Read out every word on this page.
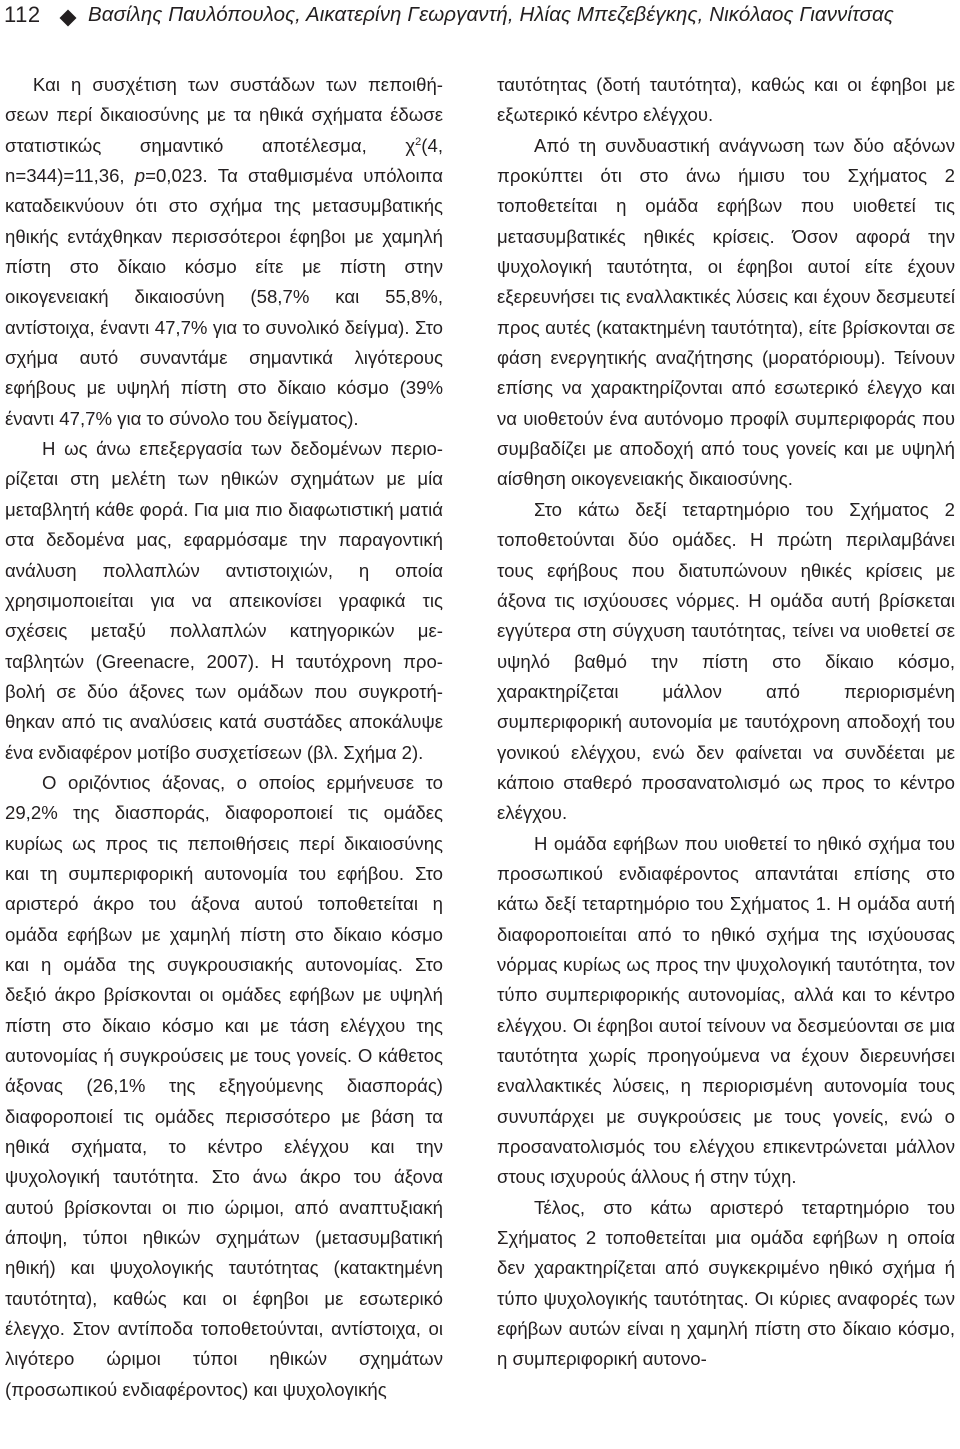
112 Βασίλης Παυλόπουλος, Αικατερίνη Γεωργαντή, Ηλίας Μπεζεβέγκης, Νικόλαος Γιαννίτσας

   Και η συσχέτιση των συστάδων των πεποιθήσεων περί δικαιοσύνης με τα ηθικά σχήματα έδωσε στατιστικώς σημαντικό αποτέλεσμα, $\chi^2(4$, n=344)=11,36, p=0,023. Τα σταθμισμένα υπόλοιπα καταδεικνύουν ότι στο σχήμα της μετασυμβατικής ηθικής εντάχθηκαν περισσότεροι έφηβοι με χαμηλή πίστη στο δίκαιο κόσμο είτε με πίστη στην οικογενειακή δικαιοσύνη (58,7% και 55,8%, αντίστοιχα, έναντι 47,7% για το συνολικό δείγμα). Στο σχήμα αυτό συναντάμε σημαντικά λιγότερους εφήβους με υψηλή πίστη στο δίκαιο κόσμο (39% έναντι 47,7% για το σύνολο του δείγματος).

Η ως άνω επεξεργασία των δεδομένων περιορίζεται στη μελέτη των ηθικών σχημάτων με μία μεταβλητή κάθε φορά. Για μια πιο διαφωτιστική ματιά στα δεδομένα μας, εφαρμόσαμε την παραγοντική ανάλυση πολλαπλών αντιστοιχιών, η οποία χρησιμοποιείται για να απεικονίσει γραφικά τις σχέσεις μεταξύ πολλαπλών κατηγορικών μεταβλητών (Greenacre, 2007). Η ταυτόχρονη προβολή σε δύο άξονες των ομάδων που συγκροτήθηκαν από τις αναλύσεις κατά συστάδες αποκάλυψε ένα ενδιαφέρον μοτίβο συσχετίσεων (βλ. Σχήμα 2).

Ο οριζόντιος άξονας, ο οποίος ερμήνευσε το 29,2% της διασποράς, διαφοροποιεί τις ομάδες κυρίως ως προς τις πεποιθήσεις περί δικαιοσύνης και τη συμπεριφορική αυτονομία του εφήβου. Στο αριστερό άκρο του άξονα αυτού τοποθετείται η ομάδα εφήβων με χαμηλή πίστη στο δίκαιο κόσμο και η ομάδα της συγκρουσιακής αυτονομίας. Στο δεξιό άκρο βρίσκονται οι ομάδες εφήβων με υψηλή πίστη στο δίκαιο κόσμο και με τάση ελέγχου της αυτονομίας ή συγκρούσεις με τους γονείς. Ο κάθετος άξονας (26,1% της εξηγούμενης διασποράς) διαφοροποιεί τις ομάδες περισσότερο με βάση τα ηθικά σχήματα, το κέντρο ελέγχου και την ψυχολογική ταυτότητα. Στο άνω άκρο του άξονα αυτού βρίσκονται οι πιο ώριμοι, από αναπτυξιακή άποψη, τύποι ηθικών σχημάτων (μετασυμβατική ηθική) και ψυχολογικής ταυτότητας (κατακτημένη ταυτότητα), καθώς και οι έφηβοι με εσωτερικό έλεγχο. Στον αντίποδα τοποθετούνται, αντίστοιχα, οι λιγότερο ώριμοι τύποι ηθικών σχημάτων (προσωπικού ενδιαφέροντος) και ψυχολογικής

ταυτότητας (δοτή ταυτότητα), καθώς και οι έφηβοι με εξωτερικό κέντρο ελέγχου.

Από τη συνδυαστική ανάγνωση των δύο αξόνων προκύπτει ότι στο άνω ήμισυ του Σχήματος 2 τοποθετείται η ομάδα εφήβων που υιοθετεί τις μετασυμβατικές ηθικές κρίσεις. Όσον αφορά την ψυχολογική ταυτότητα, οι έφηβοι αυτοί είτε έχουν εξερευνήσει τις εναλλακτικές λύσεις και έχουν δεσμευτεί προς αυτές (κατακτημένη ταυτότητα), είτε βρίσκονται σε φάση ενεργητικής αναζήτησης (μορατόριουμ). Τείνουν επίσης να χαρακτηρίζονται από εσωτερικό έλεγχο και να υιοθετούν ένα αυτόνομο προφίλ συμπεριφοράς που συμβαδίζει με αποδοχή από τους γονείς και με υψηλή αίσθηση οικογενειακής δικαιοσύνης.

Στο κάτω δεξί τεταρτημόριο του Σχήματος 2 τοποθετούνται δύο ομάδες. Η πρώτη περιλαμβάνει τους εφήβους που διατυπώνουν ηθικές κρίσεις με άξονα τις ισχύουσες νόρμες. Η ομάδα αυτή βρίσκεται εγγύτερα στη σύγχυση ταυτότητας, τείνει να υιοθετεί σε υψηλό βαθμό την πίστη στο δίκαιο κόσμο, χαρακτηρίζεται μάλλον από περιορισμένη συμπεριφορική αυτονομία με ταυτόχρονη αποδοχή του γονικού ελέγχου, ενώ δεν φαίνεται να συνδέεται με κάποιο σταθερό προσανατολισμό ως προς το κέντρο ελέγχου.

Η ομάδα εφήβων που υιοθετεί το ηθικό σχήμα του προσωπικού ενδιαφέροντος απαντάται επίσης στο κάτω δεξί τεταρτημόριο του Σχήματος 1. Η ομάδα αυτή διαφοροποιείται από το ηθικό σχήμα της ισχύουσας νόρμας κυρίως ως προς την ψυχολογική ταυτότητα, τον τύπο συμπεριφορικής αυτονομίας, αλλά και το κέντρο ελέγχου. Οι έφηβοι αυτοί τείνουν να δεσμεύονται σε μια ταυτότητα χωρίς προηγούμενα να έχουν διερευνήσει εναλλακτικές λύσεις, η περιορισμένη αυτονομία τους συνυπάρχει με συγκρούσεις με τους γονείς, ενώ ο προσανατολισμός του ελέγχου επικεντρώνεται μάλλον στους ισχυρούς άλλους ή στην τύχη.

Τέλος, στο κάτω αριστερό τεταρτημόριο του Σχήματος 2 τοποθετείται μια ομάδα εφήβων η οποία δεν χαρακτηρίζεται από συγκεκριμένο ηθικό σχήμα ή τύπο ψυχολογικής ταυτότητας. Οι κύριες αναφορές των εφήβων αυτών είναι η χαμηλή πίστη στο δίκαιο κόσμο, η συμπεριφορική αυτονο-
